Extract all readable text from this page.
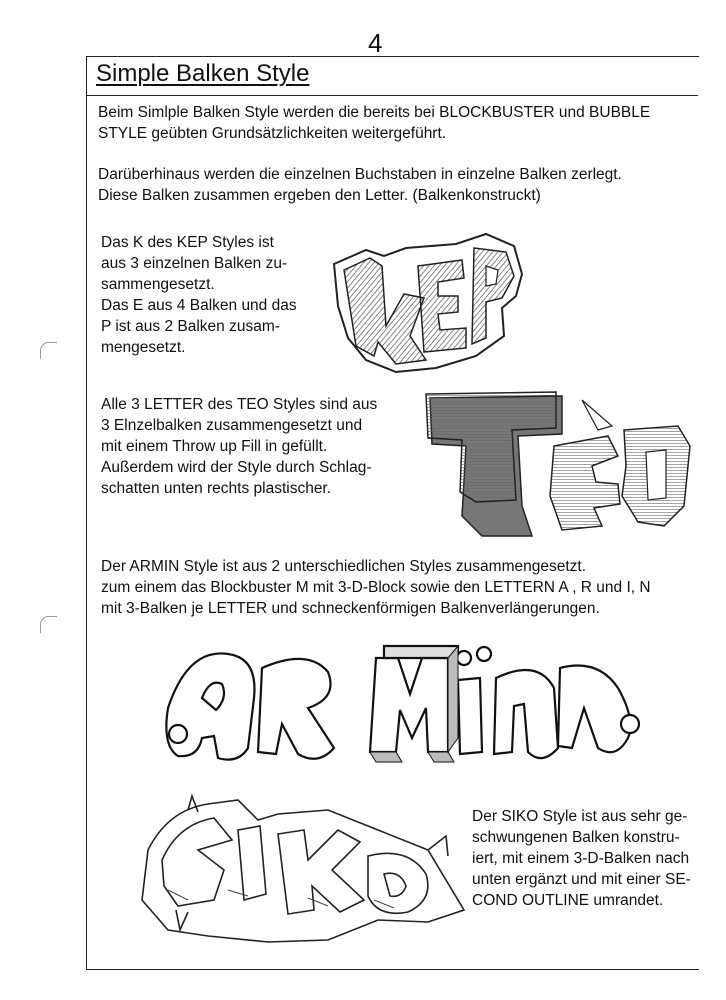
4
Simple Balken Style

Beim Simlple Balken Style werden die bereits bei BLOCKBUSTER und BUBBLE STYLE geübten Grundsätzlichkeiten weitergeführt.

Darüberhinaus werden die einzelnen Buchstaben in einzelne Balken zerlegt.
Diese Balken zusammen ergeben den Letter. (Balkenkonstruckt)

Das K des KEP Styles ist
aus 3 einzelnen Balken zu-
sammengesetzt.
Das E aus 4 Balken und das
P ist aus 2 Balken zusam-
mengesetzt.

Alle 3 LETTER des TEO Styles sind aus
3 Elnzelbalken zusammengesetzt und
mit einem Throw up Fill in gefüllt.
Außerdem wird der Style durch Schlag-
schatten unten rechts plastischer.

Der ARMIN Style ist aus 2 unterschiedlichen Styles zusammengesetzt.
zum einem das Blockbuster M mit 3-D-Block sowie den LETTERN A , R und I, N
mit 3-Balken je LETTER und schneckenförmigen Balkenverlängerungen.

Der SIKO Style ist aus sehr ge-
schwungenen Balken konstru-
iert, mit einem 3-D-Balken nach
unten ergänzt und mit einer SE-
COND OUTLINE umrandet.
